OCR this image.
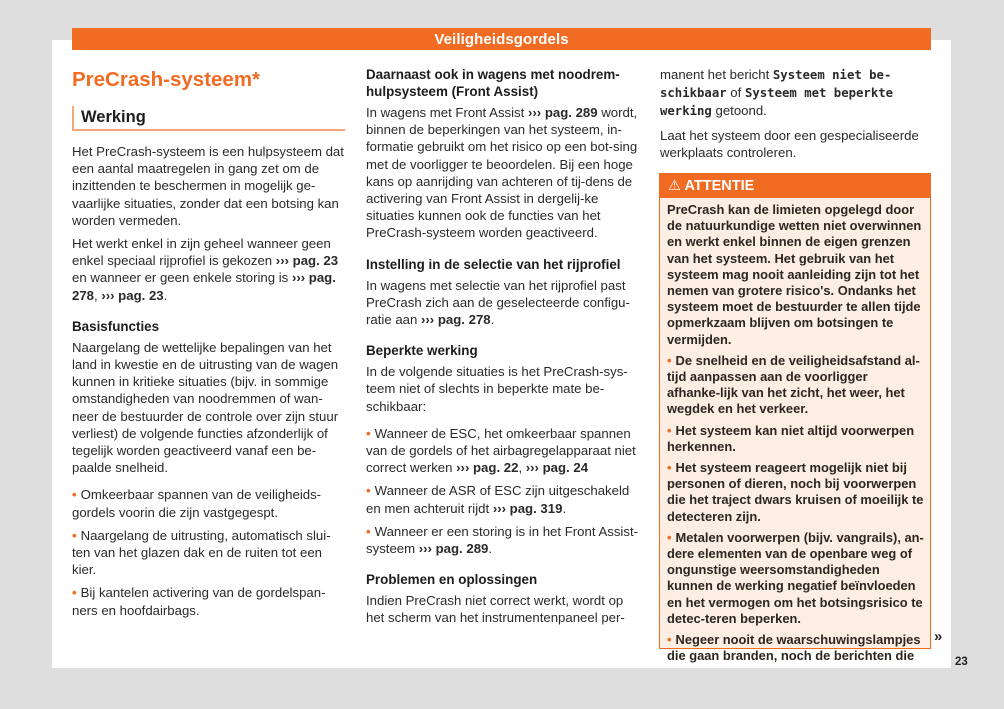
Veiligheidsgordels
PreCrash-systeem*
Werking

Het PreCrash-systeem is een hulpsysteem dat een aantal maatregelen in gang zet om de inzittenden te beschermen in mogelijk ge-vaarlijke situaties, zonder dat een botsing kan worden vermeden.

Het werkt enkel in zijn geheel wanneer geen enkel speciaal rijprofiel is gekozen ››› pag. 23 en wanneer er geen enkele storing is ››› pag. 278, ››› pag. 23.

Basisfuncties

Naargelang de wettelijke bepalingen van het land in kwestie en de uitrusting van de wagen kunnen in kritieke situaties (bijv. in sommige omstandigheden van noodremmen of wan-neer de bestuurder de controle over zijn stuur verliest) de volgende functies afzonderlijk of tegelijk worden geactiveerd vanaf een be-paalde snelheid.

• Omkeerbaar spannen van de veiligheids-gordels voorin die zijn vastgegespt.
• Naargelang de uitrusting, automatisch slui-ten van het glazen dak en de ruiten tot een kier.
• Bij kantelen activering van de gordelspan-ners en hoofdairbags.
Daarnaast ook in wagens met noodrem-hulpsysteem (Front Assist)

In wagens met Front Assist ››› pag. 289 wordt, binnen de beperkingen van het systeem, in-formatie gebruikt om het risico op een bot-sing met de voorligger te beoordelen. Bij een hoge kans op aanrijding van achteren of tij-dens de activering van Front Assist in dergelij-ke situaties kunnen ook de functies van het PreCrash-systeem worden geactiveerd.

Instelling in de selectie van het rijprofiel

In wagens met selectie van het rijprofiel past PreCrash zich aan de geselecteerde configu-ratie aan ››› pag. 278.

Beperkte werking

In de volgende situaties is het PreCrash-sys-teem niet of slechts in beperkte mate be-schikbaar:

• Wanneer de ESC, het omkeerbaar spannen van de gordels of het airbagregelapparaat niet correct werken ››› pag. 22, ››› pag. 24
• Wanneer de ASR of ESC zijn uitgeschakeld en men achteruit rijdt ››› pag. 319.
• Wanneer er een storing is in het Front Assist-systeem ››› pag. 289.
Problemen en oplossingen

Indien PreCrash niet correct werkt, wordt op het scherm van het instrumentenpaneel per-

manent het bericht Systeem niet be-schikbaar of Systeem met beperkte werking getoond.

Laat het systeem door een gespecialiseerde werkplaats controleren.

⚠ ATTENTIE

PreCrash kan de limieten opgelegd door de natuurkundige wetten niet overwinnen en werkt enkel binnen de eigen grenzen van het systeem. Het gebruik van het systeem mag nooit aanleiding zijn tot het nemen van grotere risico's. Ondanks het systeem moet de bestuurder te allen tijde opmerkzaam blijven om botsingen te vermijden.

• De snelheid en de veiligheidsafstand al-tijd aanpassen aan de voorligger afhanke-lijk van het zicht, het weer, het wegdek en het verkeer.

• Het systeem kan niet altijd voorwerpen herkennen.

• Het systeem reageert mogelijk niet bij personen of dieren, noch bij voorwerpen die het traject dwars kruisen of moeilijk te detecteren zijn.

• Metalen voorwerpen (bijv. vangrails), an-dere elementen van de openbare weg of ongunstige weersomstandigheden kunnen de werking negatief beïnvloeden en het vermogen om het botsingsrisico te detec-teren beperken.

• Negeer nooit de waarschuwingslampjes die gaan branden, noch de berichten die

»
23
